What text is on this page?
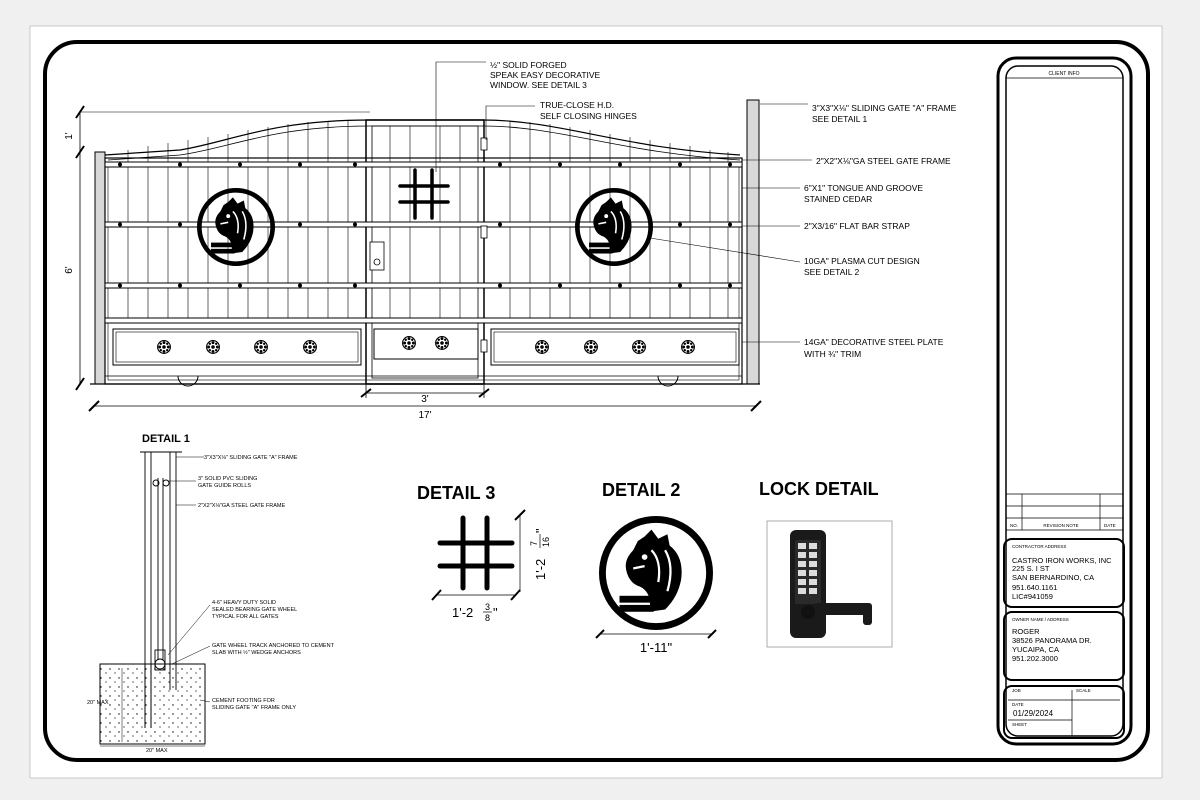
1'
6'
3'
17'
½" SOLID FORGED
SPEAK EASY DECORATIVE
WINDOW. SEE DETAIL 3
TRUE-CLOSE H.D.
SELF CLOSING HINGES
3"X3"X⅛" SLIDING GATE "A" FRAME
SEE DETAIL 1
2"X2"X⅛"GA STEEL GATE FRAME
6"X1" TONGUE AND GROOVE
STAINED CEDAR
2"X3/16" FLAT BAR STRAP
10GA" PLASMA CUT DESIGN
SEE DETAIL 2
14GA" DECORATIVE STEEL PLATE
WITH ¾" TRIM
DETAIL 1
3"X3"X⅛" SLIDING GATE "A" FRAME
3" SOLID PVC SLIDING
GATE GUIDE ROLLS
2"X2"X⅛"GA STEEL GATE FRAME
4-6" HEAVY DUTY SOLID
SEALED BEARING GATE WHEEL
TYPICAL FOR ALL GATES
GATE WHEEL TRACK ANCHORED TO CEMENT
SLAB WITH ½" WEDGE ANCHORS
CEMENT FOOTING FOR
SLIDING GATE "A" FRAME ONLY
20" MAX
20" MAX
DETAIL 3
1'-2 3
8 "
1'-2
7 16
"
DETAIL 2
1'-11"
LOCK DETAIL
CLIENT INFO
NO.	REVISION NOTE	DATE
CONTRACTOR ADDRESS
CASTRO IRON WORKS, INC
225 S. I ST
SAN BERNARDINO, CA
951.640.1161
LIC#941059
OWNER NAME / ADDRESS
ROGER
38526 PANORAMA DR.
YUCAIPA, CA
951.202.3000
JOB	SCALE
DATE
01/29/2024
SHEET
